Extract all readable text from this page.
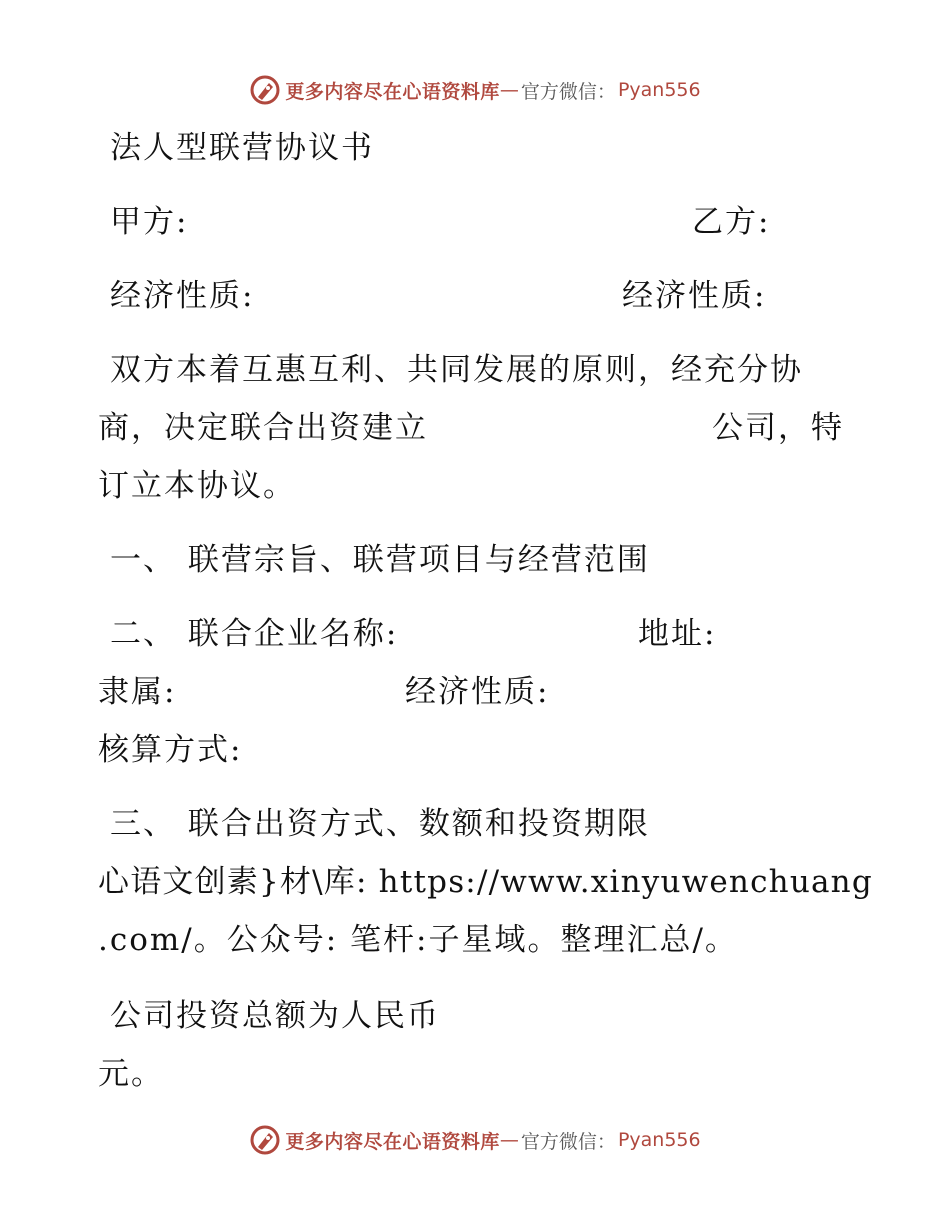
更多内容尽在心语资料库 — 官方微信： Pyan556
法人型联营协议书
甲方:	乙方:
经济性质:	经济性质:
双方本着互惠互利、共同发展的原则，经充分协
商，决定联合出资建立	公司，特
订立本协议。
一、 联营宗旨、联营项目与经营范围
二、 联合企业名称:	地址:
隶属:	经济性质:
核算方式:
三、 联合出资方式、数额和投资期限
心语文创素}材\库: https://www.xinyuwenchuang
.com/。公众号: 笔杆:子星域。整理汇总/。
公司投资总额为人民币
元。
更多内容尽在心语资料库 — 官方微信： Pyan556
